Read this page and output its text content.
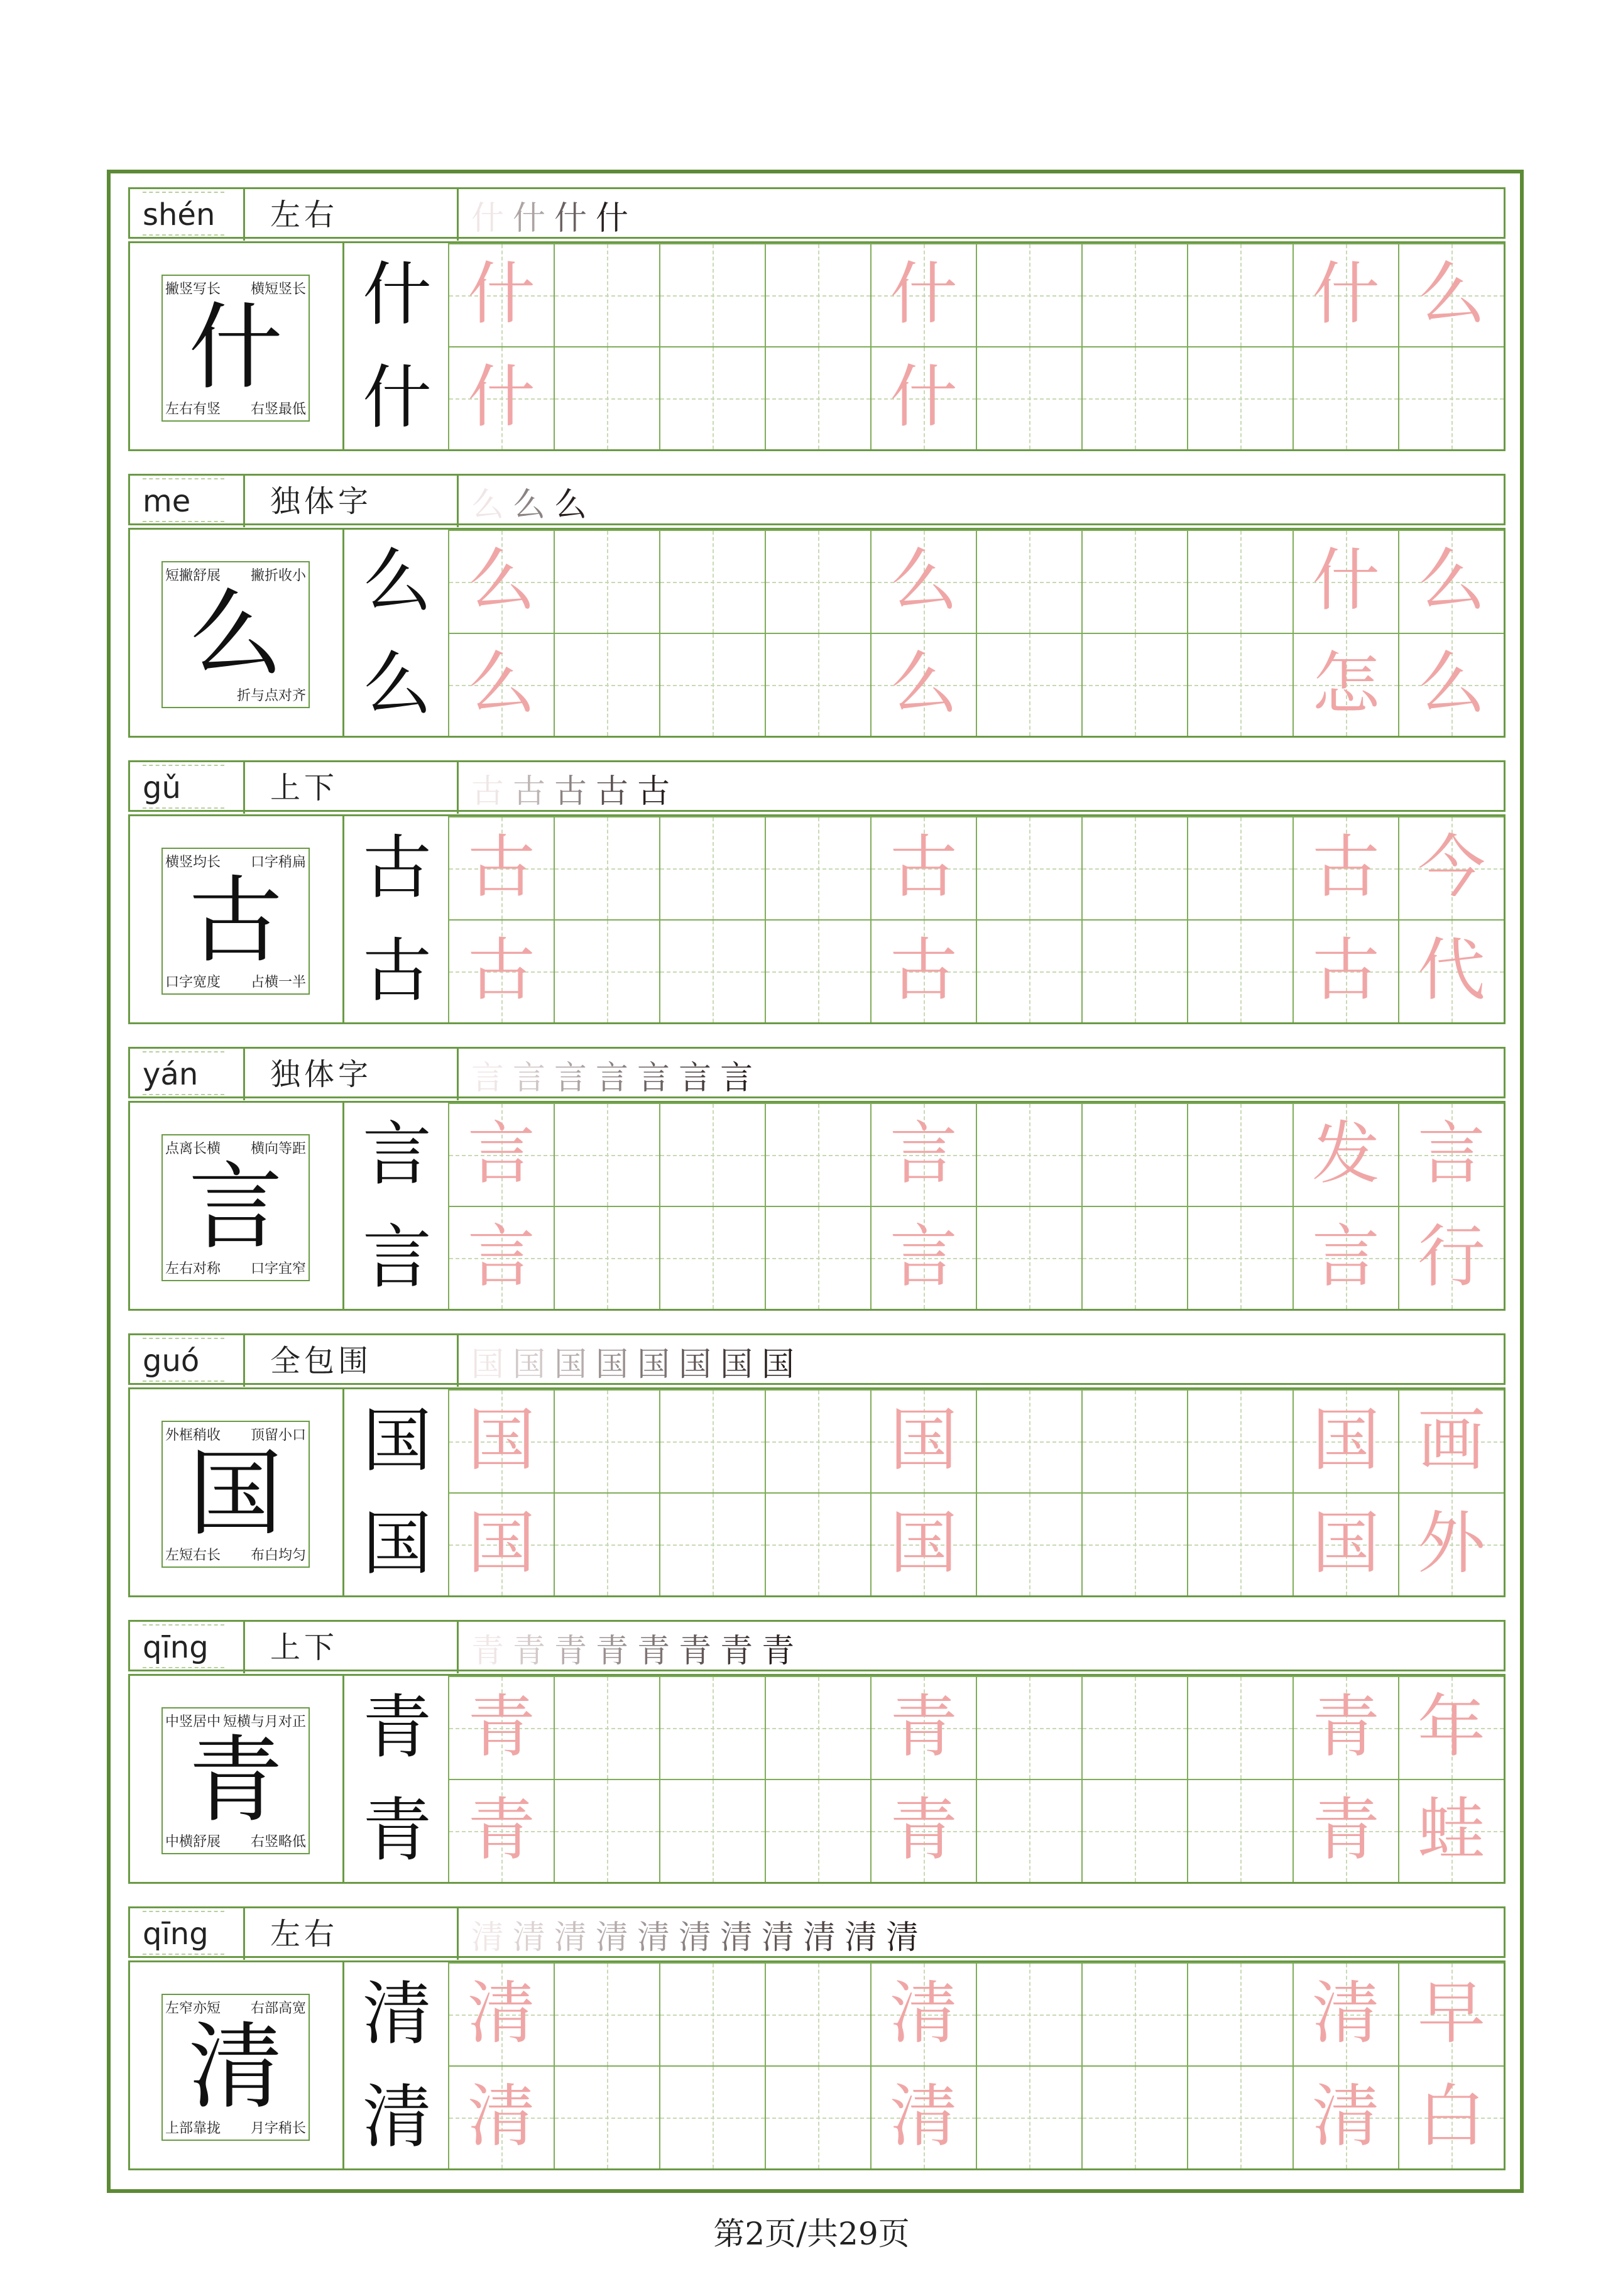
shén	左右	什 什 什 什
什
撇竖写长 横短竖长
左右有竖 右竖最低
什
什
什	什	什 么
什	什
me	独体字	么 么 么
么
短撇舒展 撇折收小
折与点对齐
么
么
么	么	什 么
么	么	怎 么
gǔ	上下	古 古 古 古 古
古
横竖均长 口字稍扁
口字宽度 占横一半
古
古
古	古	古 今
古	古	古 代
yán	独体字	言 言 言 言 言 言 言
言
点离长横 横向等距
左右对称 口字宜窄
言
言
言	言	发 言
言	言	言 行
guó	全包围	国 国 国 国 国 国 国 国
国
外框稍收 顶留小口
左短右长 布白均匀
国
国
国	国	国 画
国	国	国 外
qīng	上下	青 青 青 青 青 青 青 青
青
中竖居中 短横与月对正
中横舒展 右竖略低
青
青
青	青	青 年
青	青	青 蛙
qīng	左右	清 清 清 清 清 清 清 清 清 清 清
清
左窄亦短 右部高宽
上部靠拢 月字稍长
清
清
清	清	清 早
清	清	清 白
第2页/共29页
